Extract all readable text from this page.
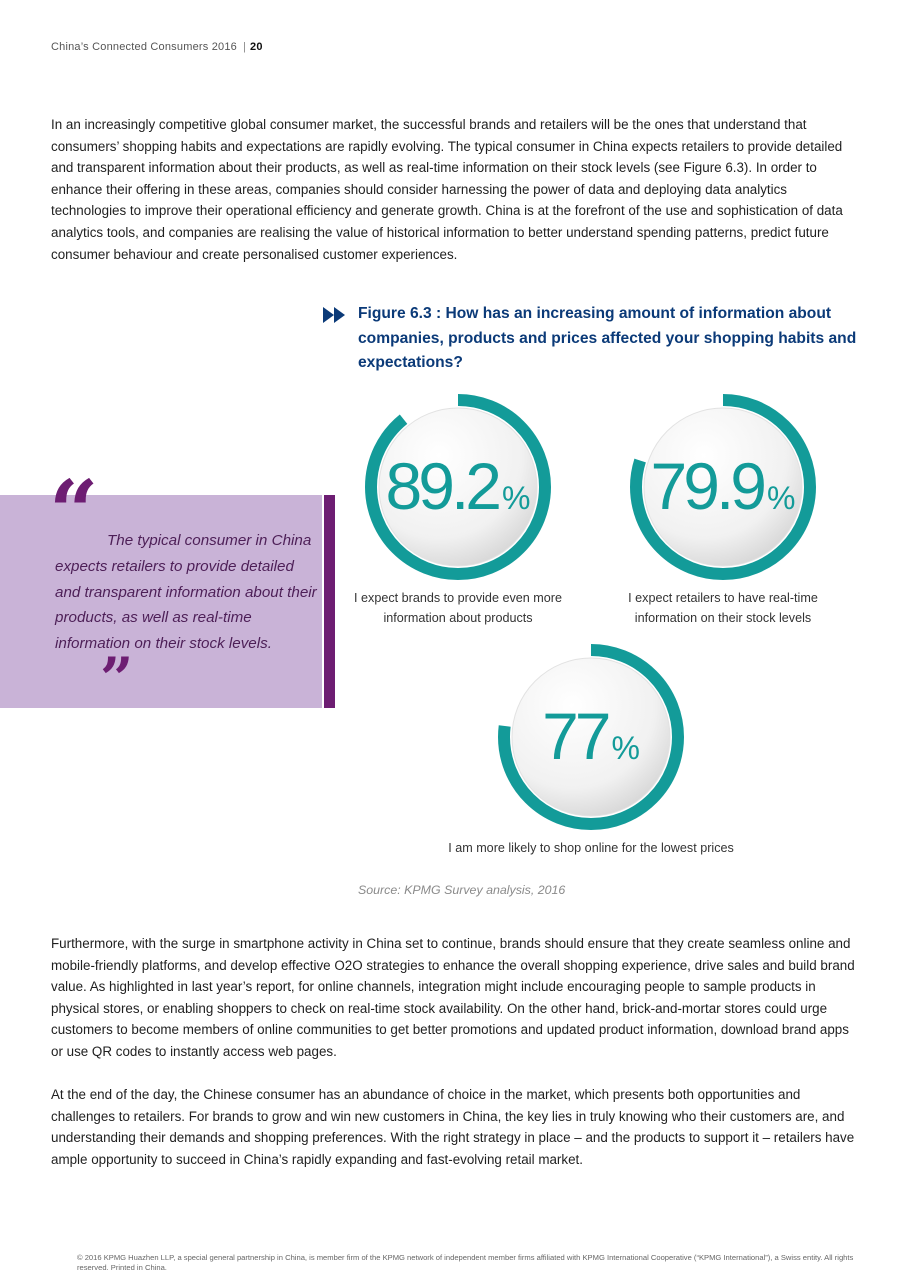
China’s Connected Consumers 2016 | 20

In an increasingly competitive global consumer market, the successful brands and retailers will be the ones that understand that consumers’ shopping habits and expectations are rapidly evolving. The typical consumer in China expects retailers to provide detailed and transparent information about their products, as well as real-time information on their stock levels (see Figure 6.3). In order to enhance their offering in these areas, companies should consider harnessing the power of data and deploying data analytics technologies to improve their operational efficiency and generate growth. China is at the forefront of the use and sophistication of data analytics tools, and companies are realising the value of historical information to better understand spending patterns, predict future consumer behaviour and create personalised customer experiences.

Figure 6.3 : How has an increasing amount of information about companies, products and prices affected your shopping habits and expectations?
“ The typical consumer in China expects retailers to provide detailed and transparent information about their products, as well as real-time information on their stock levels.
”
89.2 %
I expect brands to provide even more information about products
79.9 %
I expect retailers to have real-time information on their stock levels
77 %
I am more likely to shop online for the lowest prices
Source: KPMG Survey analysis, 2016

Furthermore, with the surge in smartphone activity in China set to continue, brands should ensure that they create seamless online and mobile-friendly platforms, and develop effective O2O strategies to enhance the overall shopping experience, drive sales and build brand value. As highlighted in last year’s report, for online channels, integration might include encouraging people to sample products in physical stores, or enabling shoppers to check on real-time stock availability. On the other hand, brick-and-mortar stores could urge customers to become members of online communities to get better promotions and updated product information, download brand apps or use QR codes to instantly access web pages.

At the end of the day, the Chinese consumer has an abundance of choice in the market, which presents both opportunities and challenges to retailers. For brands to grow and win new customers in China, the key lies in truly knowing who their customers are, and understanding their demands and shopping preferences. With the right strategy in place – and the products to support it – retailers have ample opportunity to succeed in China’s rapidly expanding and fast-evolving retail market.

© 2016 KPMG Huazhen LLP, a special general partnership in China, is member firm of the KPMG network of independent member firms affiliated with KPMG International Cooperative (“KPMG International”), a Swiss entity. All rights reserved. Printed in China.
